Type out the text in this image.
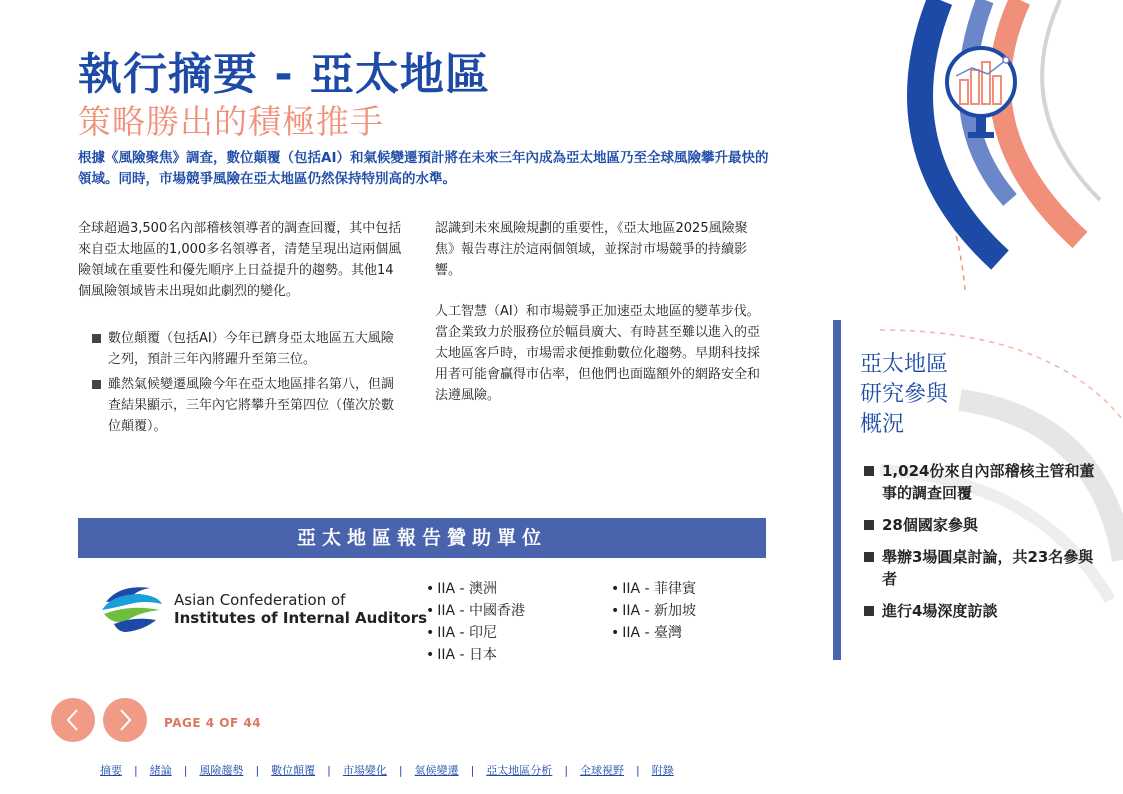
執行摘要 - 亞太地區
策略勝出的積極推手
根據《風險聚焦》調查，數位顛覆（包括AI）和氣候變遷預計將在未來三年內成為亞太地區乃至全球風險攀升最快的領域。同時，市場競爭風險在亞太地區仍然保持特別高的水準。

全球超過3,500名內部稽核領導者的調查回覆，其中包括來自亞太地區的1,000多名領導者，清楚呈現出這兩個風險領域在重要性和優先順序上日益提升的趨勢。其他14個風險領域皆未出現如此劇烈的變化。

數位顛覆（包括AI）今年已躋身亞太地區五大風險之列，預計三年內將躍升至第三位。
雖然氣候變遷風險今年在亞太地區排名第八，但調查結果顯示，三年內它將攀升至第四位（僅次於數位顛覆）。

認識到未來風險規劃的重要性，《亞太地區2025風險聚焦》報告專注於這兩個領域，並探討市場競爭的持續影響。

人工智慧（AI）和市場競爭正加速亞太地區的變革步伐。當企業致力於服務位於幅員廣大、有時甚至難以進入的亞太地區客戶時，市場需求便推動數位化趨勢。早期科技採用者可能會贏得市佔率，但他們也面臨額外的網路安全和法遵風險。

亞太地區報告贊助單位
Asian Confederation of
Institutes of Internal Auditors
• IIA - 澳洲
• IIA - 中國香港
• IIA - 印尼
• IIA - 日本
• IIA - 菲律賓
• IIA - 新加坡
• IIA - 臺灣
亞太地區
研究參與
概況
1,024份來自內部稽核主管和董事的調查回覆
28個國家參與
舉辦3場圓桌討論，共23名參與者
進行4場深度訪談
PAGE 4 OF 44
摘要 | 緒論 | 風險趨勢 | 數位顛覆 | 市場變化 | 氣候變遷 | 亞太地區分析 | 全球視野 | 附錄
